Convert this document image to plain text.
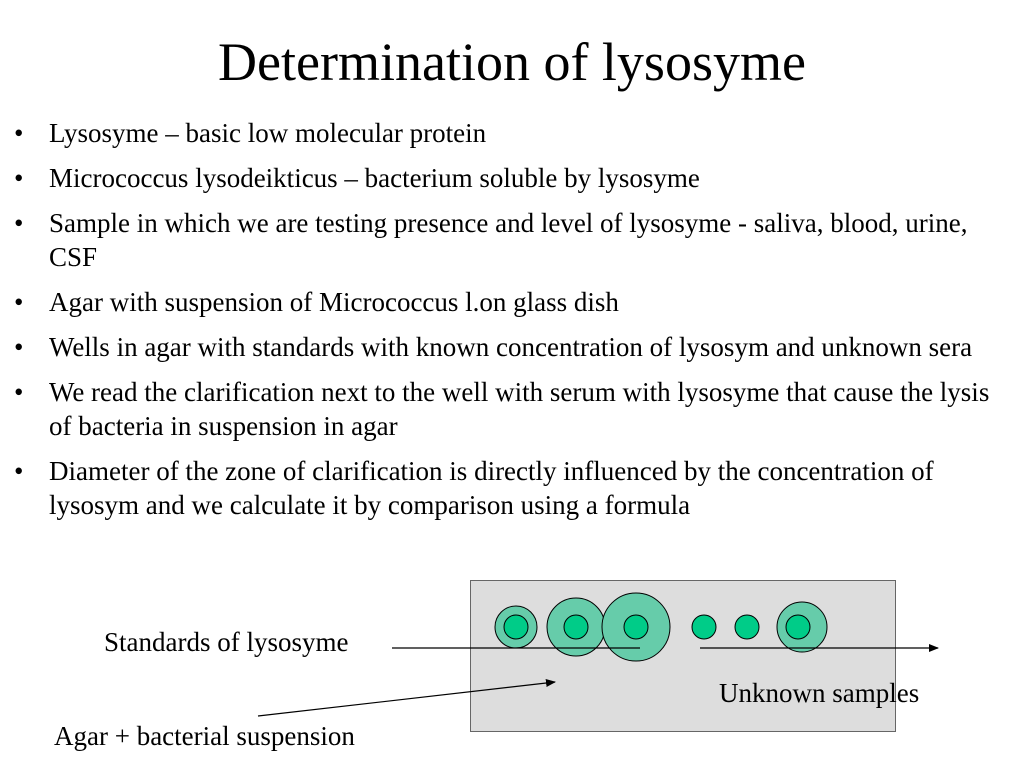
Determination of lysosyme
• Lysosyme – basic low molecular protein
• Micrococcus lysodeikticus – bacterium soluble by lysosyme
• Sample in which we are testing presence and level of lysosyme - saliva, blood, urine, CSF
• Agar with suspension of Micrococcus l.on glass dish
• Wells in agar with standards with known concentration of lysosym and unknown sera
• We read the clarification next to the well with serum with lysosyme that cause the lysis of bacteria in suspension in agar
• Diameter of the zone of clarification is directly influenced by the concentration of lysosym and we calculate it by comparison using a formula
Standards of lysosyme
Unknown samples
Agar + bacterial suspension
